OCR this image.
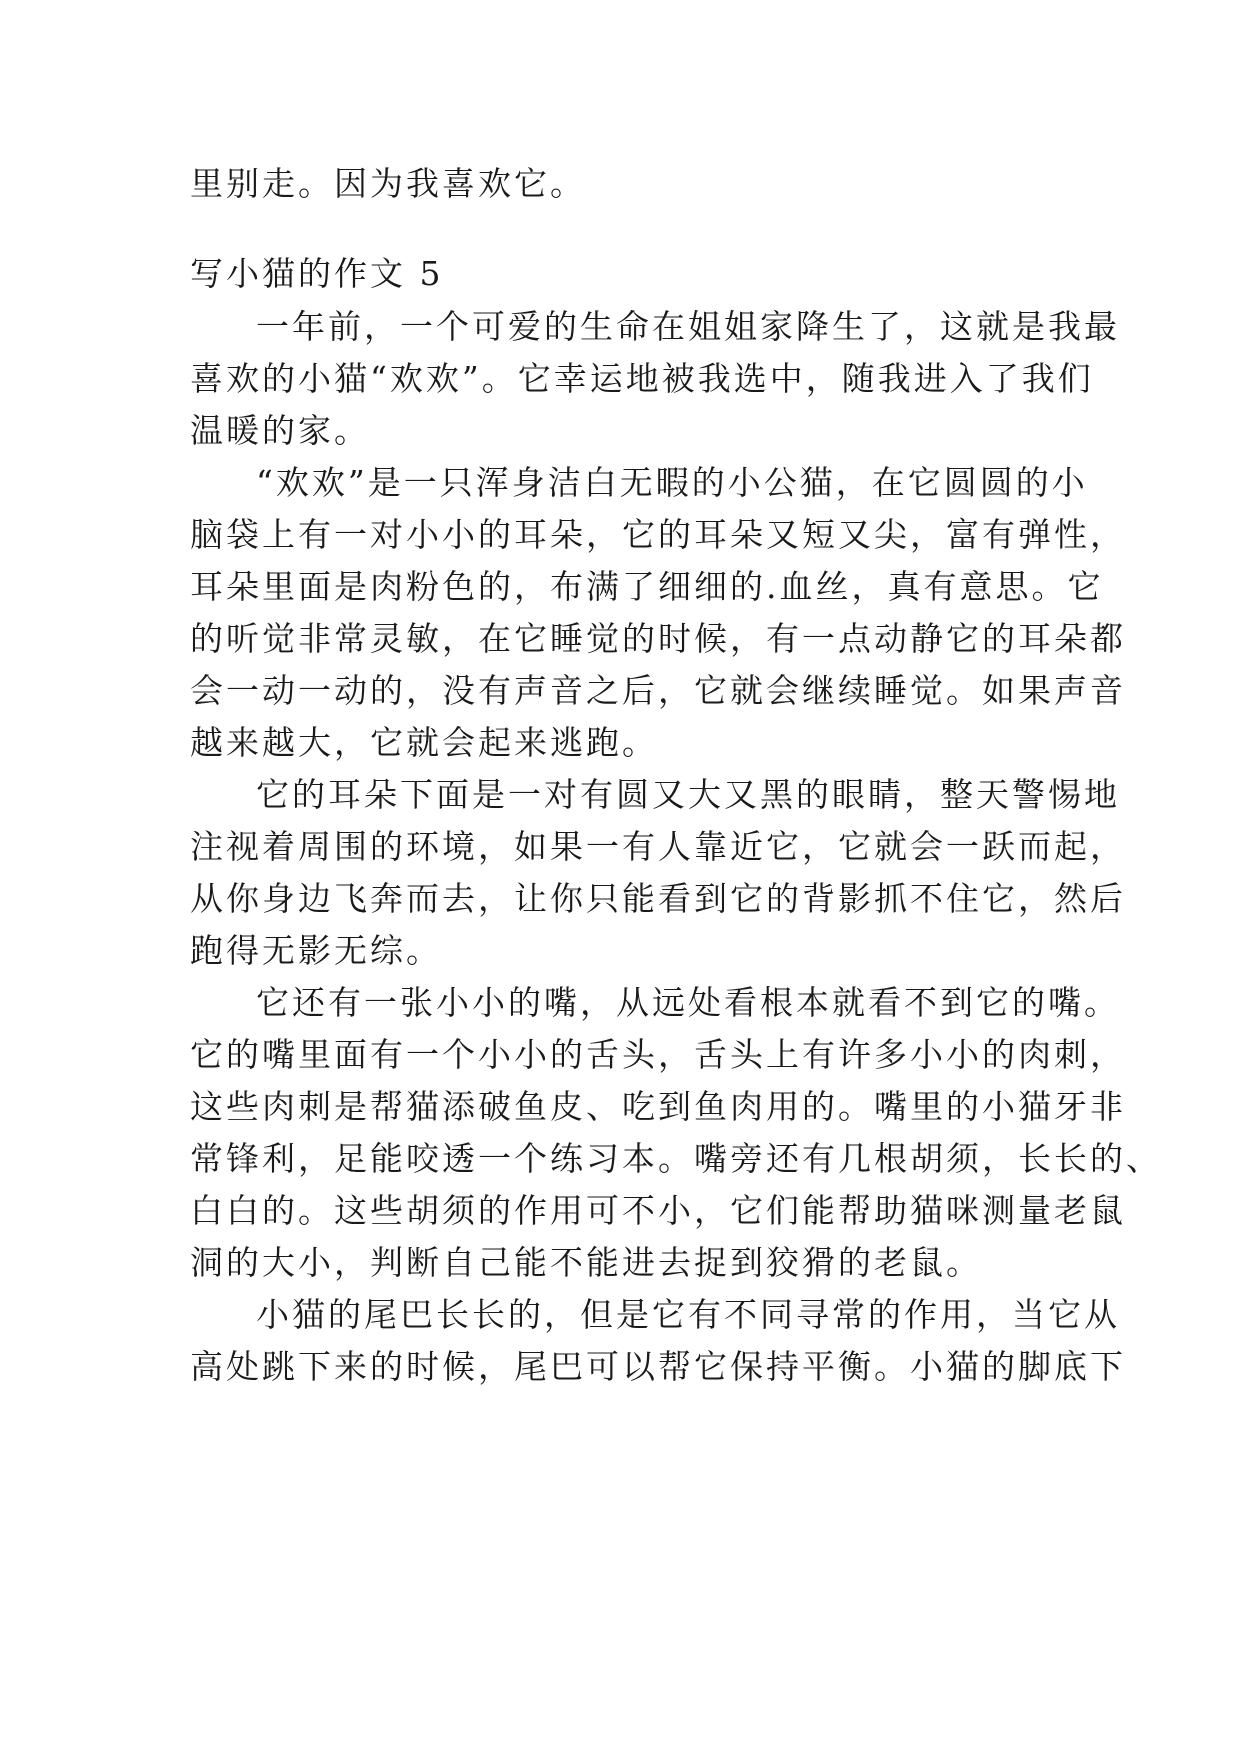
里别走。因为我喜欢它。
写小猫的作文 5
一年前，一个可爱的生命在姐姐家降生了，这就是我最
喜欢的小猫“欢欢”。它幸运地被我选中，随我进入了我们
温暖的家。
“欢欢”是一只浑身洁白无暇的小公猫，在它圆圆的小
脑袋上有一对小小的耳朵，它的耳朵又短又尖，富有弹性，
耳朵里面是肉粉色的，布满了细细的.血丝，真有意思。它
的听觉非常灵敏，在它睡觉的时候，有一点动静它的耳朵都
会一动一动的，没有声音之后，它就会继续睡觉。如果声音
越来越大，它就会起来逃跑。
它的耳朵下面是一对有圆又大又黑的眼睛，整天警惕地
注视着周围的环境，如果一有人靠近它，它就会一跃而起，
从你身边飞奔而去，让你只能看到它的背影抓不住它，然后
跑得无影无综。
它还有一张小小的嘴，从远处看根本就看不到它的嘴。
它的嘴里面有一个小小的舌头，舌头上有许多小小的肉刺，
这些肉刺是帮猫添破鱼皮、吃到鱼肉用的。嘴里的小猫牙非
常锋利，足能咬透一个练习本。嘴旁还有几根胡须，长长的、
白白的。这些胡须的作用可不小，它们能帮助猫咪测量老鼠
洞的大小，判断自己能不能进去捉到狡猾的老鼠。
小猫的尾巴长长的，但是它有不同寻常的作用，当它从
高处跳下来的时候，尾巴可以帮它保持平衡。小猫的脚底下
